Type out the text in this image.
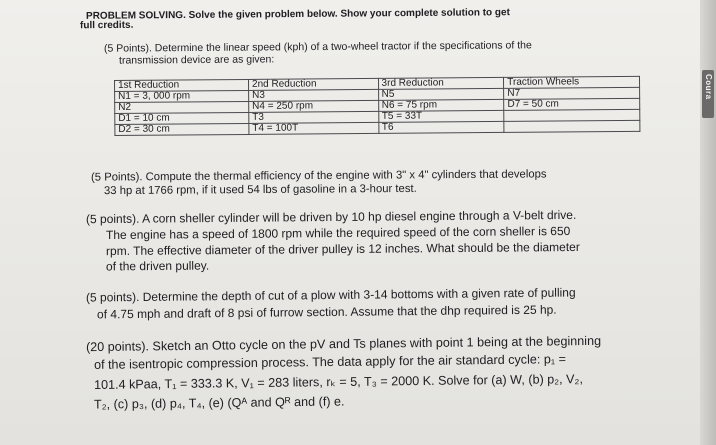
Coura
PROBLEM SOLVING. Solve the given problem below. Show your complete solution to get
full credits.
(5 Points). Determine the linear speed (kph) of a two-wheel tractor if the specifications of the
transmission device are as given:
1st Reduction	2nd Reduction	3rd Reduction	Traction Wheels
N1 = 3, 000 rpm	N3	N5	N7
N2	N4 = 250 rpm	N6 = 75 rpm	D7 = 50 cm
D1 = 10 cm	T3	T5 = 33T	
D2 = 30 cm	T4 = 100T	T6	
(5 Points). Compute the thermal efficiency of the engine with 3" x 4" cylinders that develops
33 hp at 1766 rpm, if it used 54 lbs of gasoline in a 3-hour test.
(5 points). A corn sheller cylinder will be driven by 10 hp diesel engine through a V-belt drive.
The engine has a speed of 1800 rpm while the required speed of the corn sheller is 650
rpm. The effective diameter of the driver pulley is 12 inches. What should be the diameter
of the driven pulley.
(5 points). Determine the depth of cut of a plow with 3-14 bottoms with a given rate of pulling
of 4.75 mph and draft of 8 psi of furrow section. Assume that the dhp required is 25 hp.
(20 points). Sketch an Otto cycle on the pV and Ts planes with point 1 being at the beginning
of the isentropic compression process. The data apply for the air standard cycle: p₁ =
101.4 kPaa, T₁ = 333.3 K, V₁ = 283 liters, rₖ = 5, T₃ = 2000 K. Solve for (a) W, (b) p₂, V₂,
T₂, (c) p₃, (d) p₄, T₄, (e) (Qᴬ and Qᴿ and (f) e.
